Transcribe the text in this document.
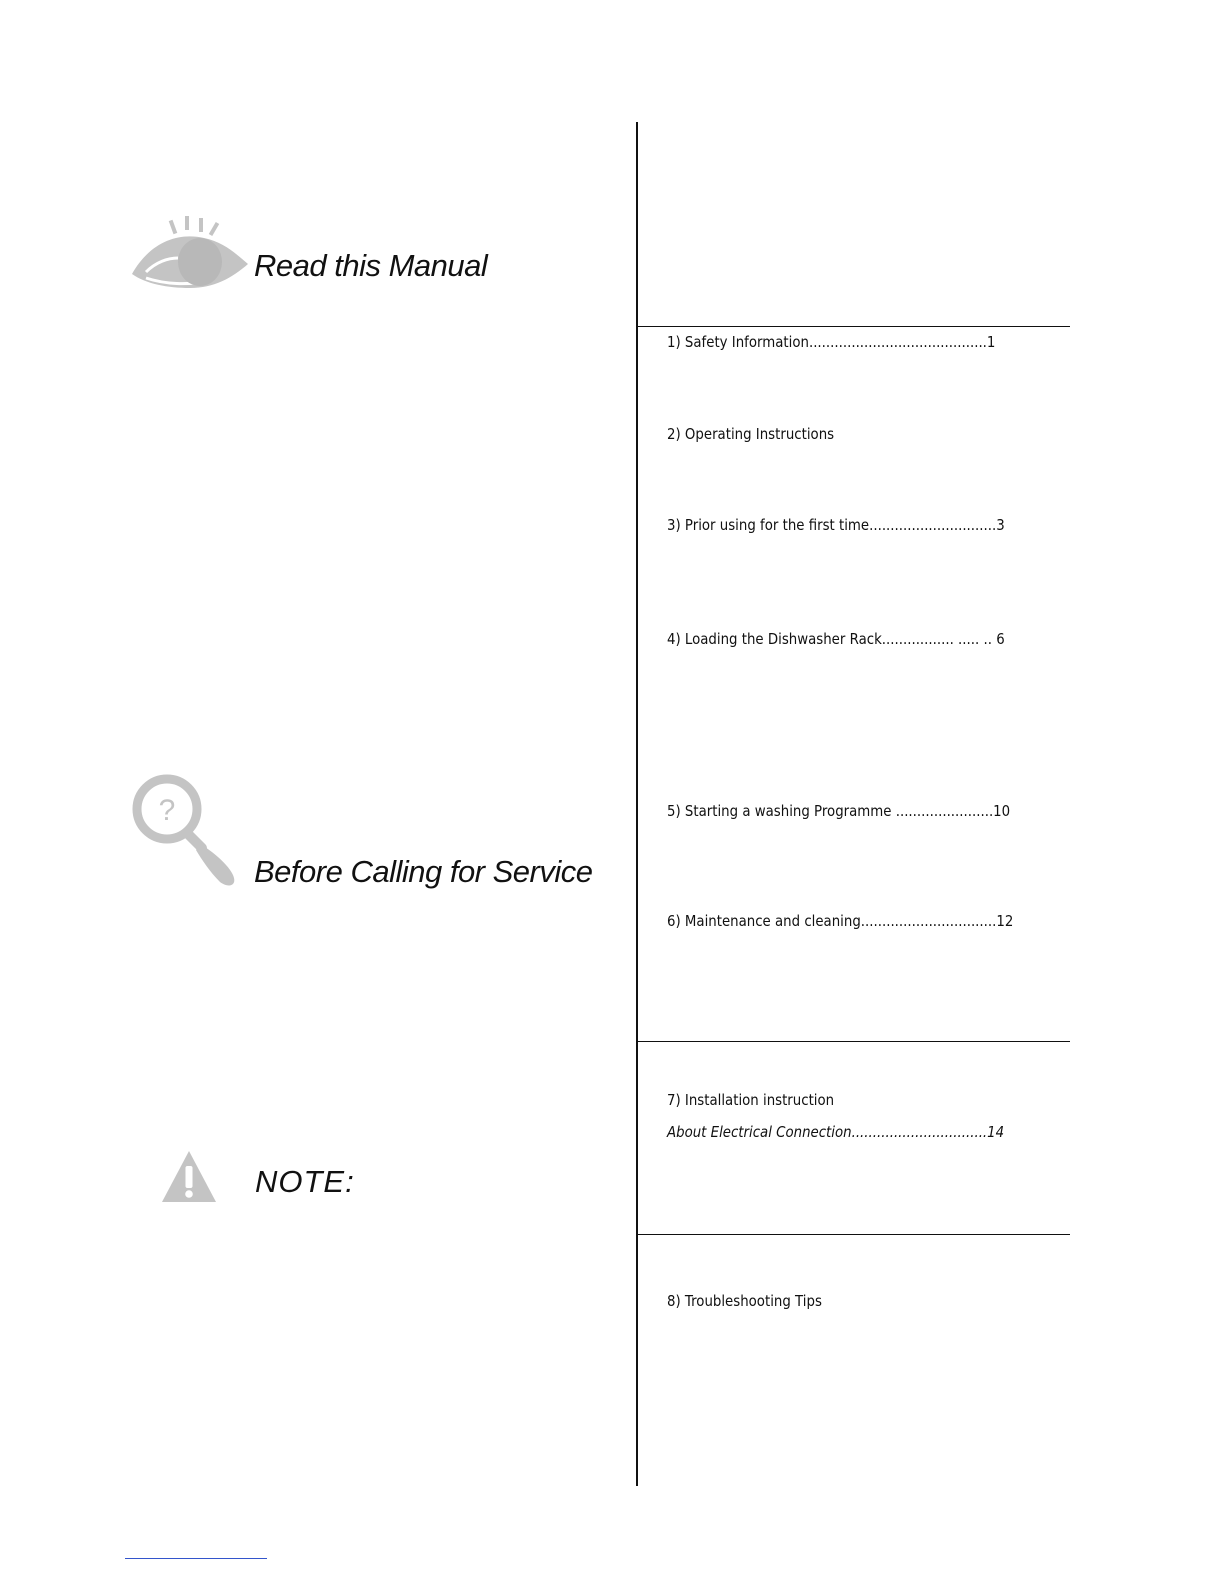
Read this Manual
?
Before Calling for Service
NOTE:
1) Safety Information..........................................1
2) Operating Instructions
3) Prior using for the first time..............................3
4) Loading the Dishwasher Rack................. ..... .. 6
5) Starting a washing Programme .......................10
6) Maintenance and cleaning................................12
7) Installation instruction
About Electrical Connection................................14
8) Troubleshooting Tips
